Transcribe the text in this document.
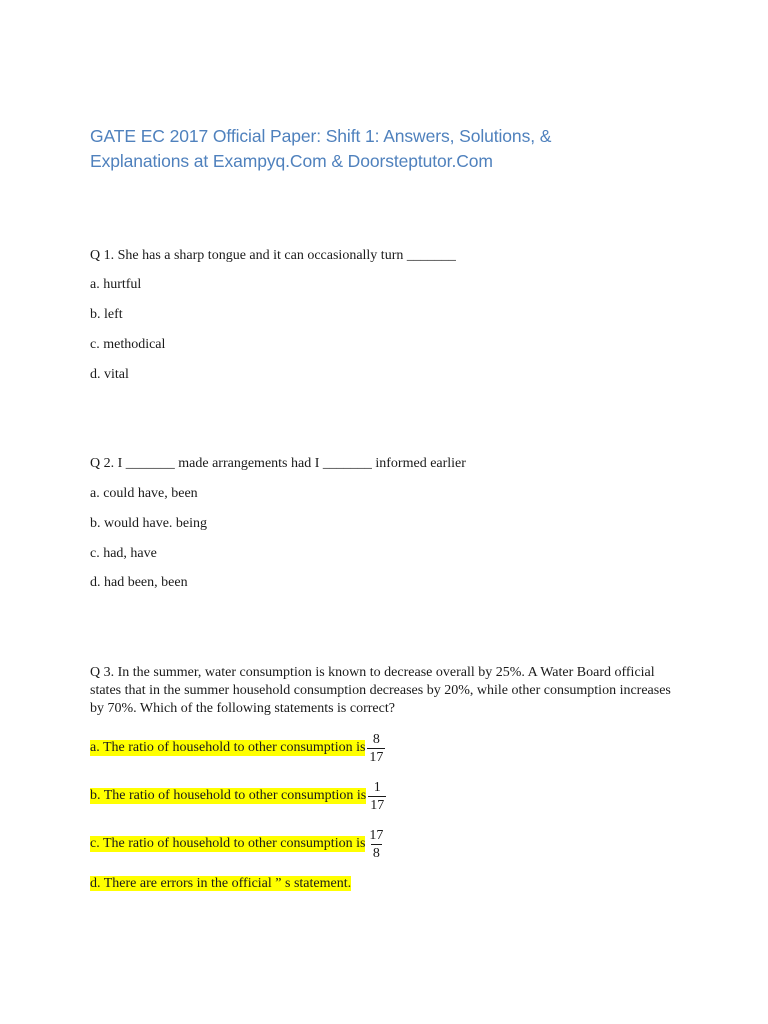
GATE EC 2017 Official Paper: Shift 1: Answers, Solutions, & Explanations at Exampyq.Com & Doorsteptutor.Com
Q 1. She has a sharp tongue and it can occasionally turn _______
a. hurtful
b. left
c. methodical
d. vital
Q 2. I _______ made arrangements had I _______ informed earlier
a. could have, been
b. would have. being
c. had, have
d. had been, been
Q 3. In the summer, water consumption is known to decrease overall by 25%. A Water Board official states that in the summer household consumption decreases by 20%, while other consumption increases by 70%. Which of the following statements is correct?
a. The ratio of household to other consumption is $\frac{8}{17}$
b. The ratio of household to other consumption is $\frac{1}{17}$
c. The ratio of household to other consumption is $\frac{17}{8}$
d. There are errors in the official ” s statement.
